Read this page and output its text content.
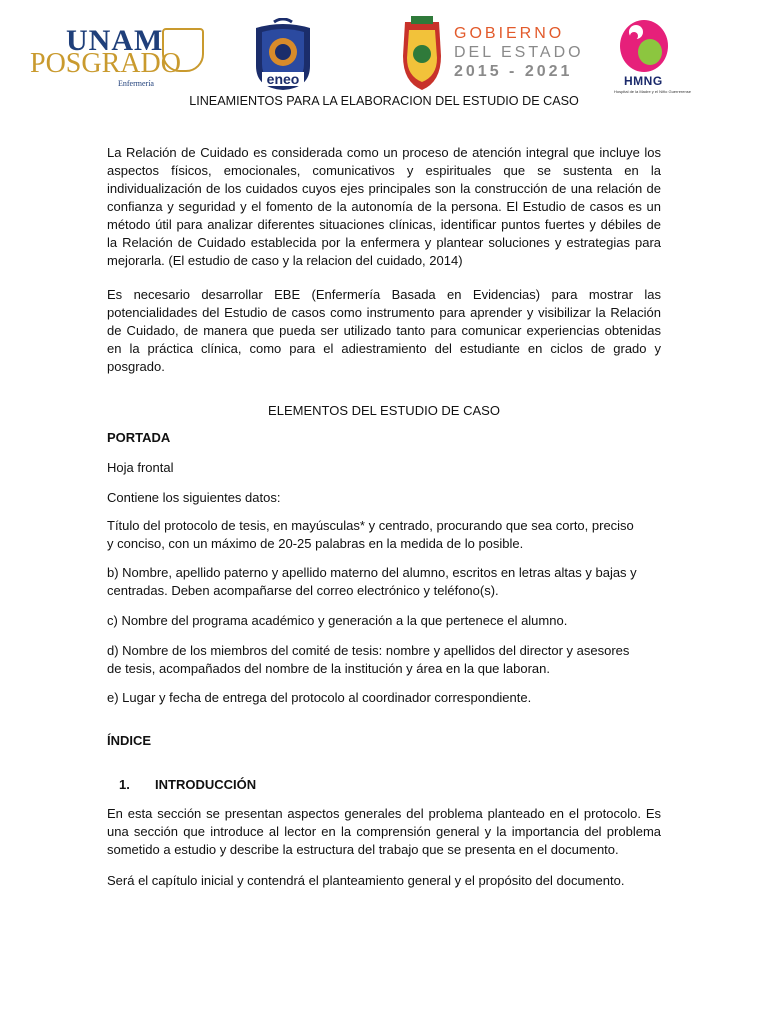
UNAM
POSGRADO
Enfermería	eneo
GOBIERNO
DEL ESTADO
2015 - 2021
HMNG
Hospital de la Madre y el Niño Guerrerense
LINEAMIENTOS PARA LA ELABORACION DEL ESTUDIO DE CASO

La Relación de Cuidado es considerada como un proceso de atención integral que incluye los aspectos físicos, emocionales, comunicativos y espirituales que se sustenta en la individualización de los cuidados cuyos ejes principales son la construcción de una relación de confianza y seguridad y el fomento de la autonomía de la persona. El Estudio de casos es un método útil para analizar diferentes situaciones clínicas, identificar puntos fuertes y débiles de la Relación de Cuidado establecida por la enfermera y plantear soluciones y estrategias para mejorarla. (El estudio de caso y la relacion del cuidado, 2014)

Es necesario desarrollar EBE (Enfermería Basada en Evidencias) para mostrar las potencialidades del Estudio de casos como instrumento para aprender y visibilizar la Relación de Cuidado, de manera que pueda ser utilizado tanto para comunicar experiencias obtenidas en la práctica clínica, como para el adiestramiento del estudiante en ciclos de grado y posgrado.

ELEMENTOS DEL ESTUDIO DE CASO

PORTADA

Hoja frontal

Contiene los siguientes datos:

Título del protocolo de tesis, en mayúsculas* y centrado, procurando que sea corto, preciso y conciso, con un máximo de 20-25 palabras en la medida de lo posible.

b) Nombre, apellido paterno y apellido materno del alumno, escritos en letras altas y bajas y centradas. Deben acompañarse del correo electrónico y teléfono(s).

c) Nombre del programa académico y generación a la que pertenece el alumno.

d) Nombre de los miembros del comité de tesis: nombre y apellidos del director y asesores de tesis, acompañados del nombre de la institución y área en la que laboran.

e) Lugar y fecha de entrega del protocolo al coordinador correspondiente.

ÍNDICE

1. INTRODUCCIÓN

En esta sección se presentan aspectos generales del problema planteado en el protocolo. Es una sección que introduce al lector en la comprensión general y la importancia del problema sometido a estudio y describe la estructura del trabajo que se presenta en el documento.

Será el capítulo inicial y contendrá el planteamiento general y el propósito del documento.
